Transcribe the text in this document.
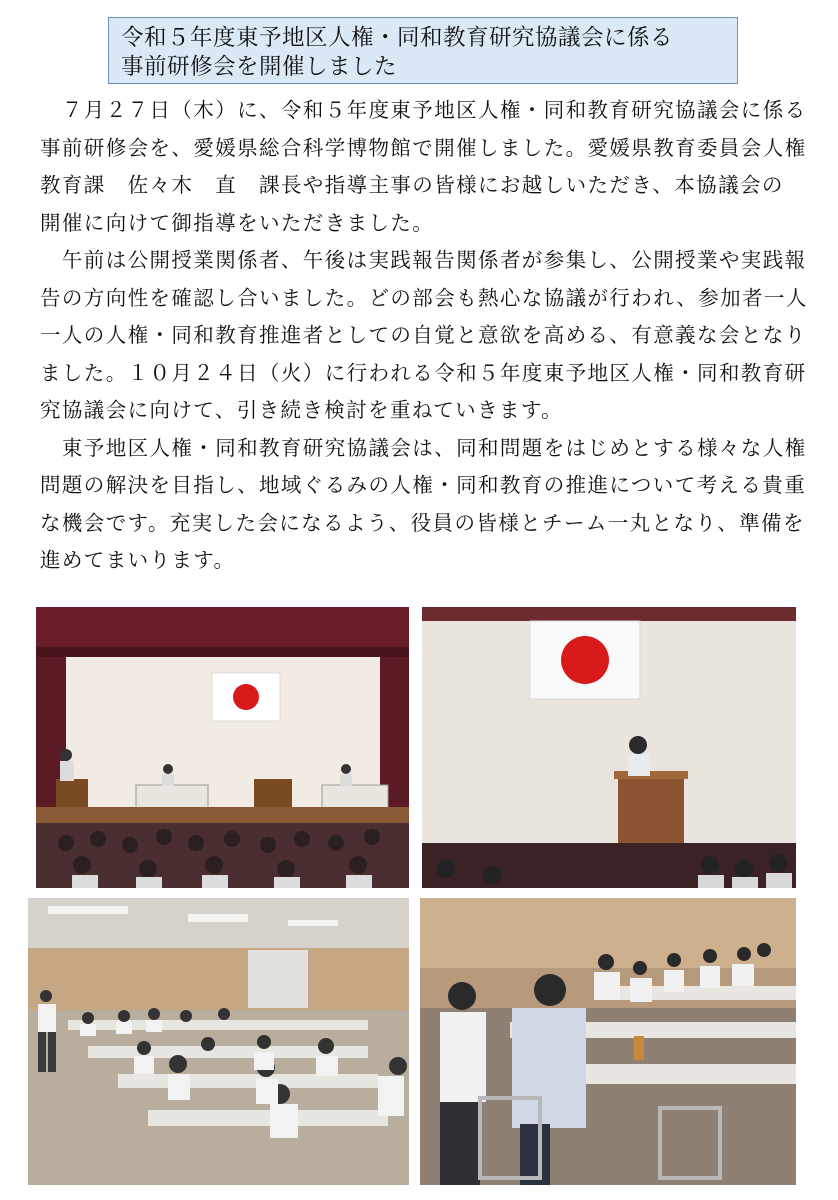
令和５年度東予地区人権・同和教育研究協議会に係る
事前研修会を開催しました
　７月２７日（木）に、令和５年度東予地区人権・同和教育研究協議会に係る
事前研修会を、愛媛県総合科学博物館で開催しました。愛媛県教育委員会人権
教育課　佐々木　直　課長や指導主事の皆様にお越しいただき、本協議会の
開催に向けて御指導をいただきました。
　午前は公開授業関係者、午後は実践報告関係者が参集し、公開授業や実践報
告の方向性を確認し合いました。どの部会も熱心な協議が行われ、参加者一人
一人の人権・同和教育推進者としての自覚と意欲を高める、有意義な会となり
ました。１０月２４日（火）に行われる令和５年度東予地区人権・同和教育研
究協議会に向けて、引き続き検討を重ねていきます。
　東予地区人権・同和教育研究協議会は、同和問題をはじめとする様々な人権
問題の解決を目指し、地域ぐるみの人権・同和教育の推進について考える貴重
な機会です。充実した会になるよう、役員の皆様とチーム一丸となり、準備を
進めてまいります。
